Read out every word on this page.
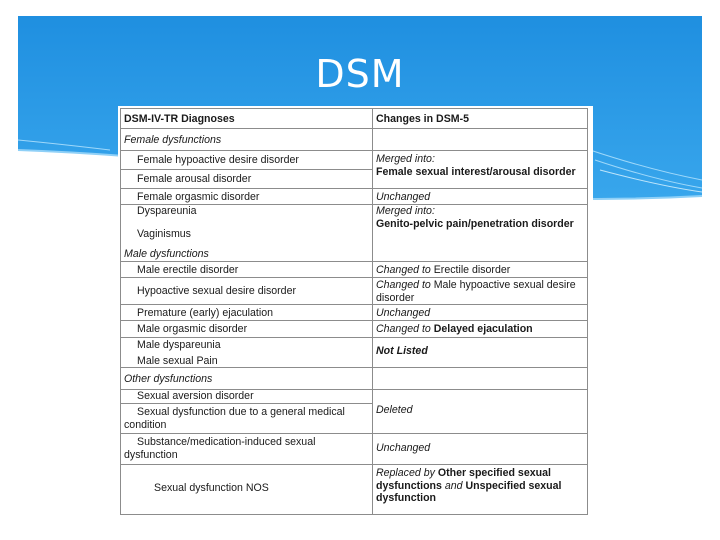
DSM
DSM-IV-TR Diagnoses	Changes in DSM-5
Female dysfunctions	

Female hypoactive desire disorder	Merged into:
Female sexual interest/arousal disorder

Female arousal disorder	

Female orgasmic disorder	Unchanged

Dyspareunia	Merged into:
Genito-pelvic pain/penetration disorder

Vaginismus	

Male dysfunctions	

Male erectile disorder	Changed to Erectile disorder

Hypoactive sexual desire disorder	Changed to Male hypoactive sexual desire disorder

Premature (early) ejaculation	Unchanged

Male orgasmic disorder	Changed to Delayed ejaculation

Male dyspareunia
Male sexual Pain	Not Listed
Other dysfunctions	

Sexual aversion disorder	Deleted

Sexual dysfunction due to a general medical condition	

Substance/medication-induced sexual dysfunction	Unchanged

Sexual dysfunction NOS	Replaced by Other specified sexual dysfunctions and Unspecified sexual dysfunction
